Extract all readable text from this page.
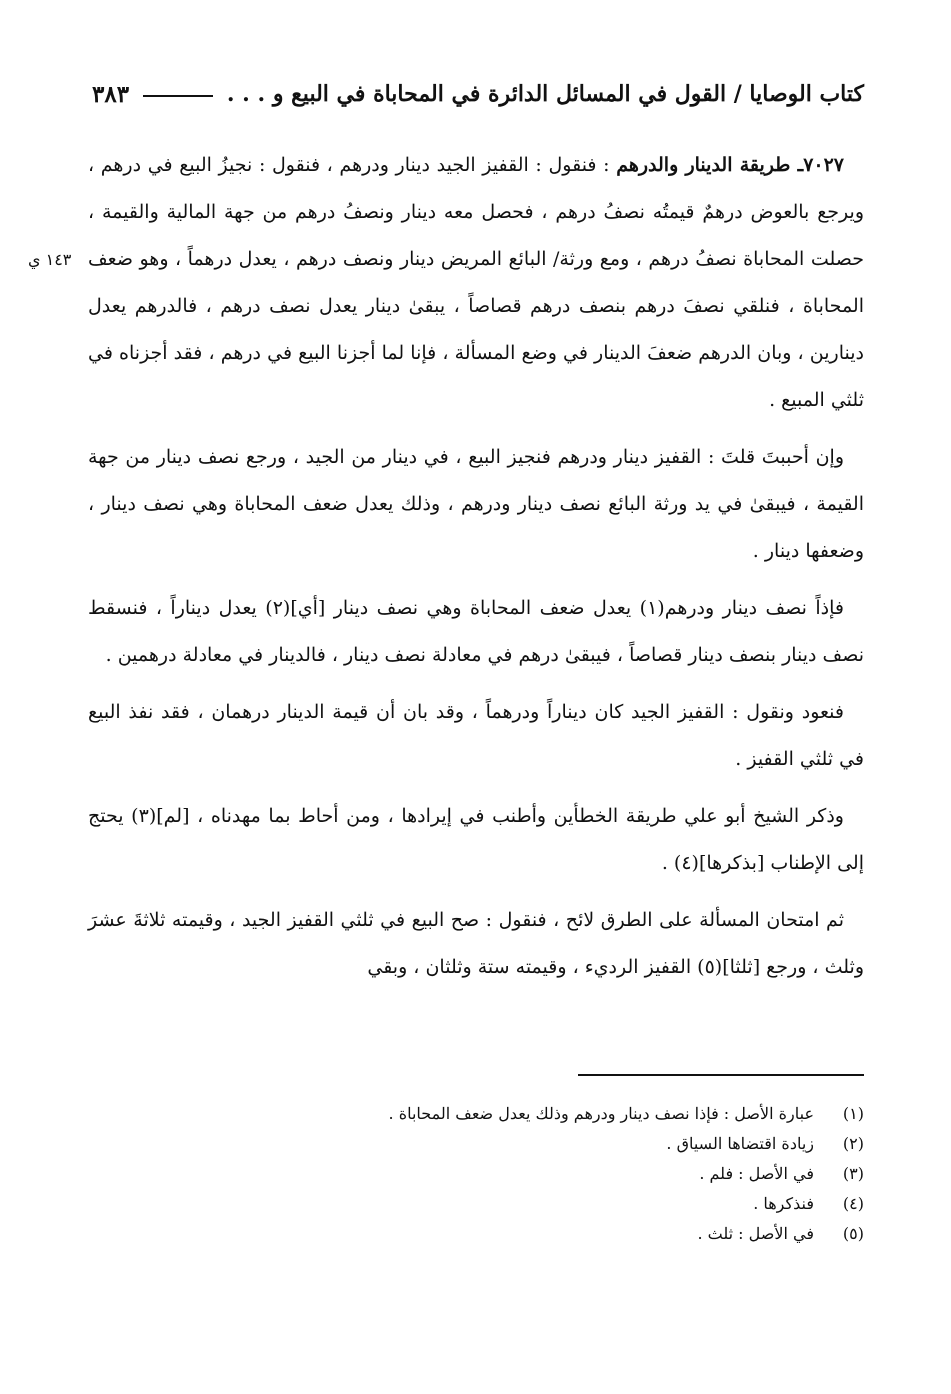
كتاب الوصايا / القول في المسائل الدائرة في المحاباة في البيع و . . .
٣٨٣
١٤٣ ي

٧٠٢٧ـ طريقة الدينار والدرهم : فنقول : القفيز الجيد دينار ودرهم ، فنقول : نجيزُ البيع في درهم ، ويرجع بالعوض درهمٌ قيمتُه نصفُ درهم ، فحصل معه دينار ونصفُ درهم من جهة المالية والقيمة ، حصلت المحاباة نصفُ درهم ، ومع ورثة/ البائع المريض دينار ونصف درهم ، يعدل درهماً ، وهو ضعف المحاباة ، فنلقي نصفَ درهم بنصف درهم قصاصاً ، يبقىٰ دينار يعدل نصف درهم ، فالدرهم يعدل دينارين ، وبان الدرهم ضعفَ الدينار في وضع المسألة ، فإنا لما أجزنا البيع في درهم ، فقد أجزناه في ثلثي المبيع .

وإن أحببتَ قلتَ : القفيز دينار ودرهم فنجيز البيع ، في دينار من الجيد ، ورجع نصف دينار من جهة القيمة ، فيبقىٰ في يد ورثة البائع نصف دينار ودرهم ، وذلك يعدل ضعف المحاباة وهي نصف دينار ، وضعفها دينار .

فإذاً نصف دينار ودرهم(١) يعدل ضعف المحاباة وهي نصف دينار [أي](٢) يعدل ديناراً ، فنسقط نصف دينار بنصف دينار قصاصاً ، فيبقىٰ درهم في معادلة نصف دينار ، فالدينار في معادلة درهمين .

فنعود ونقول : القفيز الجيد كان ديناراً ودرهماً ، وقد بان أن قيمة الدينار درهمان ، فقد نفذ البيع في ثلثي القفيز .

وذكر الشيخ أبو علي طريقة الخطأين وأطنب في إيرادها ، ومن أحاط بما مهدناه ، [لم](٣) يحتج إلى الإطناب [بذكرها](٤) .

ثم امتحان المسألة على الطرق لائح ، فنقول : صح البيع في ثلثي القفيز الجيد ، وقيمته ثلاثةَ عشرَ وثلث ، ورجع [ثلثا](٥) القفيز الرديء ، وقيمته ستة وثلثان ، وبقي

(١)
عبارة الأصل : فإذا نصف دينار ودرهم وذلك يعدل ضعف المحاباة .
(٢)
زيادة اقتضاها السياق .
(٣)
في الأصل : فلم .
(٤)
فنذكرها .
(٥)
في الأصل : ثلث .
